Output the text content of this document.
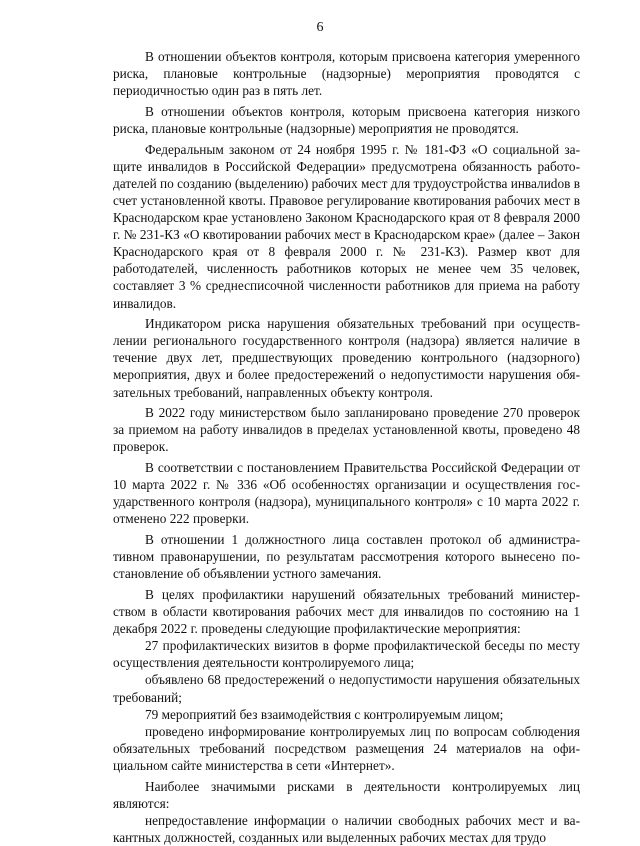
6

В отношении объектов контроля, которым присвоена категория умеренного риска, плановые контрольные (надзорные) мероприятия проводятся с периодичностью один раз в пять лет.

В отношении объектов контроля, которым присвоена категория низкого риска, плановые контрольные (надзорные) мероприятия не проводятся.

Федеральным законом от 24 ноября 1995 г. № 181-ФЗ «О социальной защите инвалидов в Российской Федерации» предусмотрена обязанность работодателей по созданию (выделению) рабочих мест для трудоустройства инвалиdов в счет установленной квоты. Правовое регулирование квотирования рабочих мест в Краснодарском крае установлено Законом Краснодарского края от 8 февраля 2000 г. № 231-КЗ «О квотировании рабочих мест в Краснодарском крае» (далее – Закон Краснодарского края от 8 февраля 2000 г. № 231-КЗ). Размер квот для работодателей, численность работников которых не менее чем 35 человек, составляет 3 % среднесписочной численности работников для приема на работу инвалидов.

Индикатором риска нарушения обязательных требований при осуществлении регионального государственного контроля (надзора) является наличие в течение двух лет, предшествующих проведению контрольного (надзорного) мероприятия, двух и более предостережений о недопустимости нарушения обязательных требований, направленных объекту контроля.

В 2022 году министерством было запланировано проведение 270 проверок за приемом на работу инвалидов в пределах установленной квоты, проведено 48 проверок.

В соответствии с постановлением Правительства Российской Федерации от 10 марта 2022 г. № 336 «Об особенностях организации и осуществления государственного контроля (надзора), муниципального контроля» с 10 марта 2022 г. отменено 222 проверки.

В отношении 1 должностного лица составлен протокол об административном правонарушении, по результатам рассмотрения которого вынесено постановление об объявлении устного замечания.

В целях профилактики нарушений обязательных требований министерством в области квотирования рабочих мест для инвалидов по состоянию на 1 декабря 2022 г. проведены следующие профилактические мероприятия:

27 профилактических визитов в форме профилактической беседы по месту осуществления деятельности контролируемого лица;

объявлено 68 предостережений о недопустимости нарушения обязательных требований;

79 мероприятий без взаимодействия с контролируемым лицом;

проведено информирование контролируемых лиц по вопросам соблюдения обязательных требований посредством размещения 24 материалов на официальном сайте министерства в сети «Интернет».

Наиболее значимыми рисками в деятельности контролируемых лиц являются:

непредоставление информации о наличии свободных рабочих мест и вакантных должностей, созданных или выделенных рабочих местах для трудо
